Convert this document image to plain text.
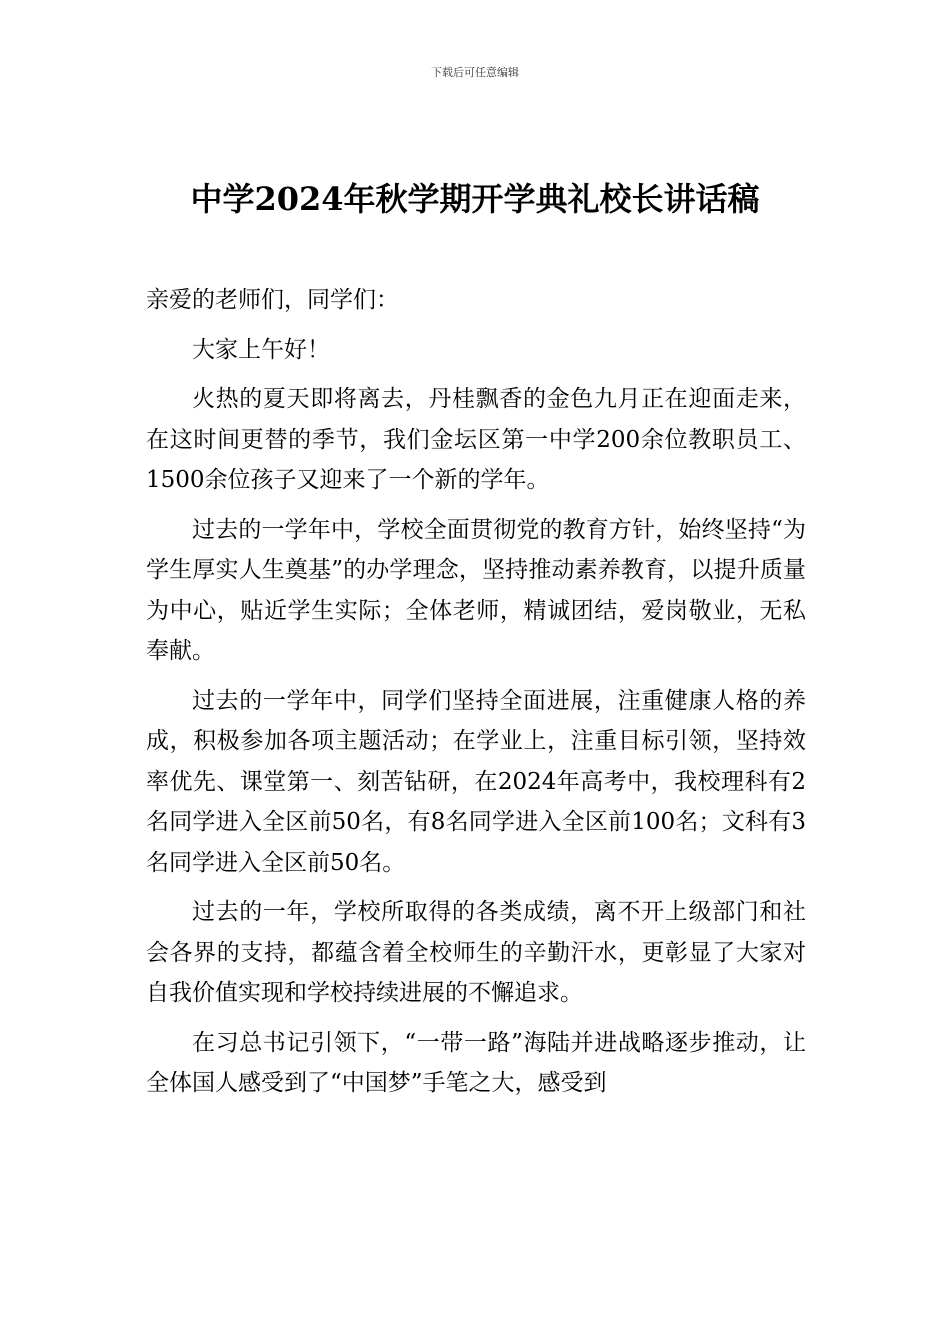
下载后可任意编辑
中学2024年秋学期开学典礼校长讲话稿

亲爱的老师们，同学们：

大家上午好！

火热的夏天即将离去，丹桂飘香的金色九月正在迎面走来，在这时间更替的季节，我们金坛区第一中学200余位教职员工、1500余位孩子又迎来了一个新的学年。

过去的一学年中，学校全面贯彻党的教育方针，始终坚持“为学生厚实人生奠基”的办学理念，坚持推动素养教育，以提升质量为中心，贴近学生实际；全体老师，精诚团结，爱岗敬业，无私奉献。

过去的一学年中，同学们坚持全面进展，注重健康人格的养成，积极参加各项主题活动；在学业上，注重目标引领，坚持效率优先、课堂第一、刻苦钻研，在2024年高考中，我校理科有2名同学进入全区前50名，有8名同学进入全区前100名；文科有3名同学进入全区前50名。

过去的一年，学校所取得的各类成绩，离不开上级部门和社会各界的支持，都蕴含着全校师生的辛勤汗水，更彰显了大家对自我价值实现和学校持续进展的不懈追求。

在习总书记引领下，“一带一路”海陆并进战略逐步推动，让全体国人感受到了“中国梦”手笔之大，感受到
